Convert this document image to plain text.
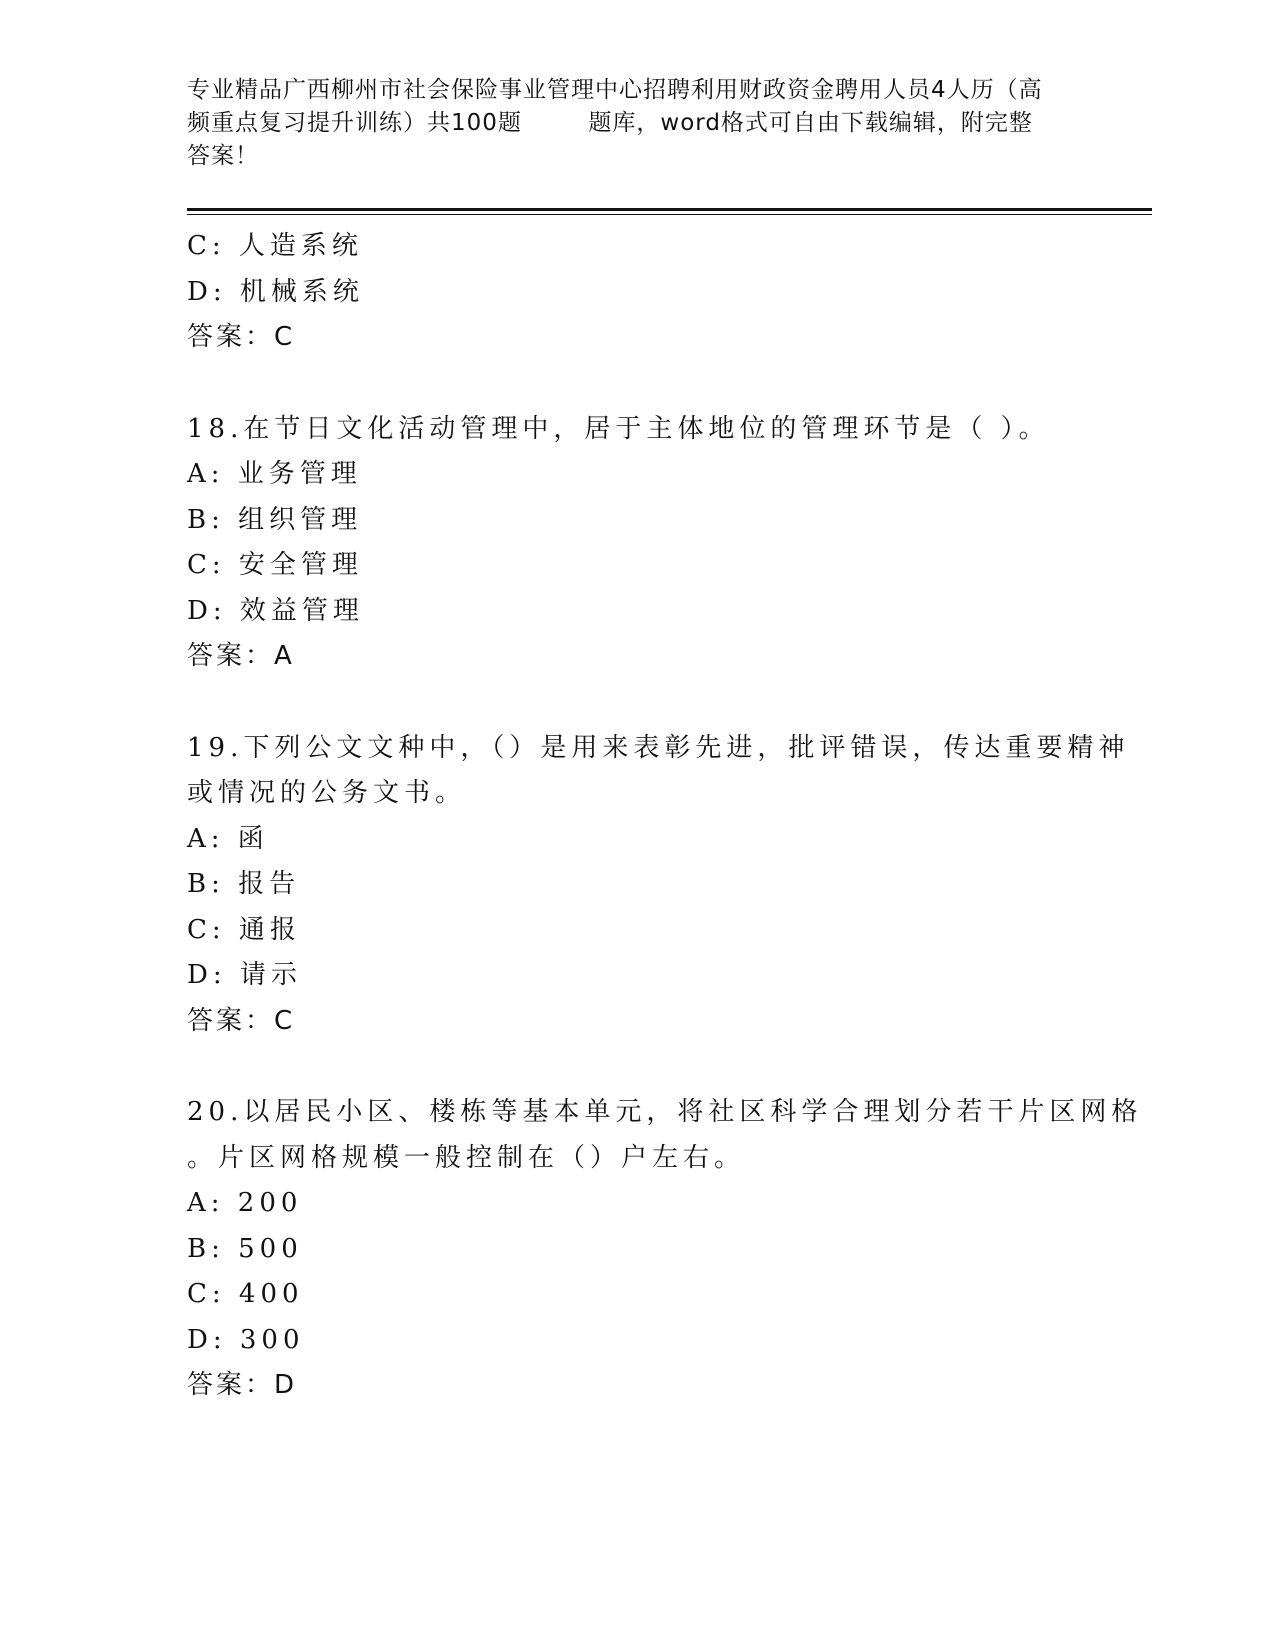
专业精品广西柳州市社会保险事业管理中心招聘利用财政资金聘用人员4人历（高
频重点复习提升训练）共100题        题库，word格式可自由下载编辑，附完整
答案！
C: 人造系统
D: 机械系统
答案：C
18.在节日文化活动管理中，居于主体地位的管理环节是（ ）。
A: 业务管理
B: 组织管理
C: 安全管理
D: 效益管理
答案：A
19.下列公文文种中，（）是用来表彰先进，批评错误，传达重要精神
或情况的公务文书。
A: 函
B: 报告
C: 通报
D: 请示
答案：C
20.以居民小区、楼栋等基本单元，将社区科学合理划分若干片区网格
。片区网格规模一般控制在（）户左右。
A: 200
B: 500
C: 400
D: 300
答案：D
